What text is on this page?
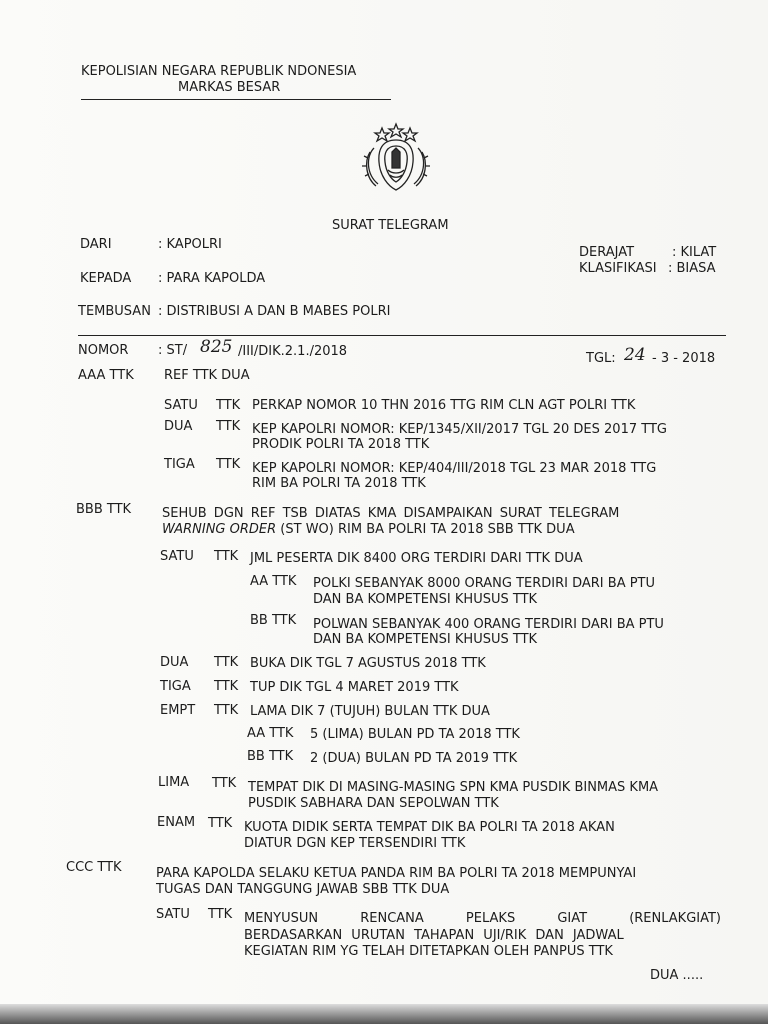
KEPOLISIAN NEGARA REPUBLIK NDONESIA
MARKAS BESAR
SURAT TELEGRAM
DARI	: KAPOLRI
DERAJAT	: KILAT
KLASIFIKASI : BIASA
KEPADA : PARA KAPOLDA
TEMBUSAN : DISTRIBUSI A DAN B MABES POLRI
NOMOR : ST/ 825 /III/DIK.2.1./2018	TGL: 24 - 3 - 2018
AAA TTK REF TTK DUA
SATU TTK PERKAP NOMOR 10 THN 2016 TTG RIM CLN AGT POLRI TTK
DUA TTK KEP KAPOLRI NOMOR: KEP/1345/XII/2017 TGL 20 DES 2017 TTG
PRODIK POLRI TA 2018 TTK
TIGA TTK KEP KAPOLRI NOMOR: KEP/404/III/2018 TGL 23 MAR 2018 TTG
RIM BA POLRI TA 2018 TTK
BBB TTK SEHUB DGN REF TSB DIATAS KMA DISAMPAIKAN SURAT TELEGRAM
WARNING ORDER (ST WO) RIM BA POLRI TA 2018 SBB TTK DUA
SATU TTK JML PESERTA DIK 8400 ORG TERDIRI DARI TTK DUA
AA TTK POLKI SEBANYAK 8000 ORANG TERDIRI DARI BA PTU
DAN BA KOMPETENSI KHUSUS TTK
BB TTK POLWAN SEBANYAK 400 ORANG TERDIRI DARI BA PTU
DAN BA KOMPETENSI KHUSUS TTK
DUA TTK BUKA DIK TGL 7 AGUSTUS 2018 TTK
TIGA TTK TUP DIK TGL 4 MARET 2019 TTK
EMPT TTK LAMA DIK 7 (TUJUH) BULAN TTK DUA
AA TTK 5 (LIMA) BULAN PD TA 2018 TTK
BB TTK 2 (DUA) BULAN PD TA 2019 TTK
LIMA TTK TEMPAT DIK DI MASING-MASING SPN KMA PUSDIK BINMAS KMA
PUSDIK SABHARA DAN SEPOLWAN TTK
ENAM TTK KUOTA DIDIK SERTA TEMPAT DIK BA POLRI TA 2018 AKAN
DIATUR DGN KEP TERSENDIRI TTK
CCC TTK	PARA KAPOLDA SELAKU KETUA PANDA RIM BA POLRI TA 2018 MEMPUNYAI
TUGAS DAN TANGGUNG JAWAB SBB TTK DUA
SATU TTK MENYUSUN RENCANA PELAKS GIAT (RENLAKGIAT)
BERDASARKAN URUTAN TAHAPAN UJI/RIK DAN JADWAL
KEGIATAN RIM YG TELAH DITETAPKAN OLEH PANPUS TTK
DUA .....
